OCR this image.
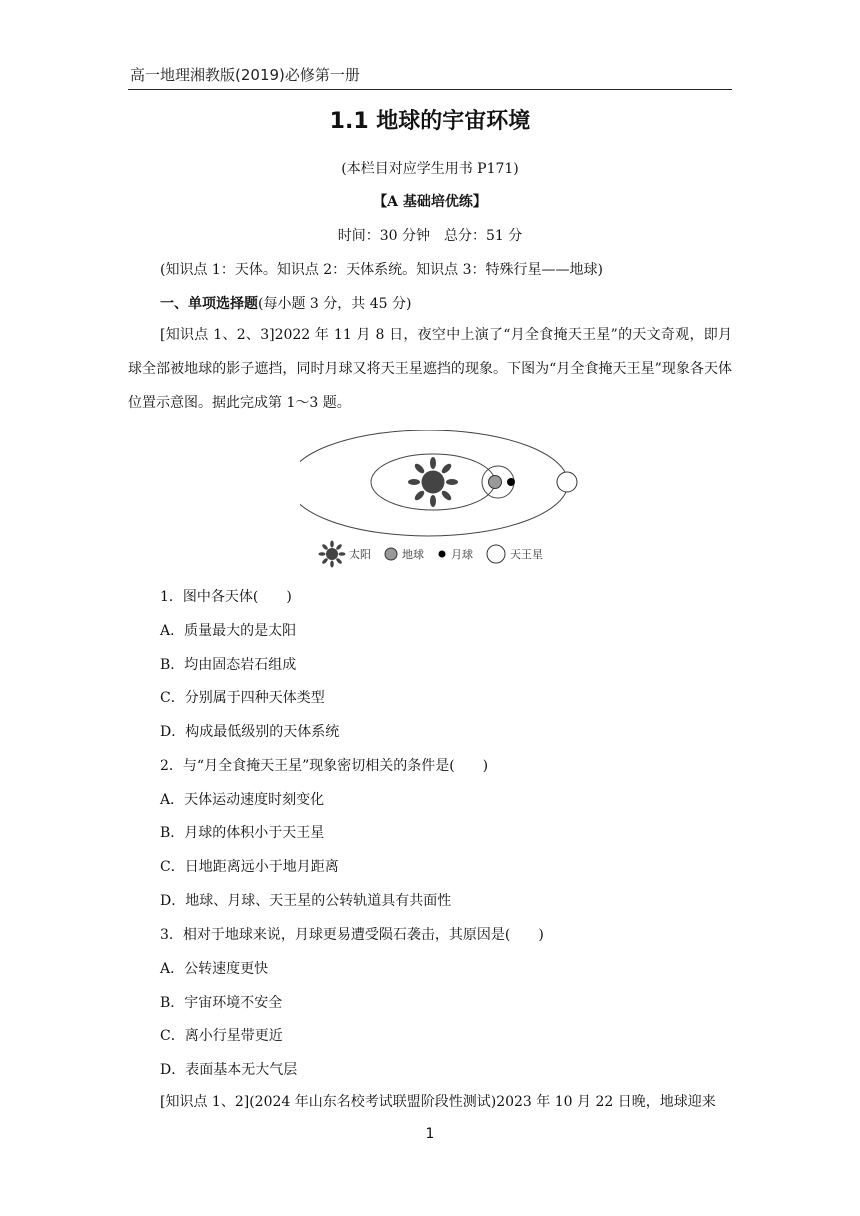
高一地理湘教版(2019)必修第一册
1.1 地球的宇宙环境
(本栏目对应学生用书 P171)
【A 基础培优练】
时间：30 分钟　总分：51 分
(知识点 1：天体。知识点 2：天体系统。知识点 3：特殊行星——地球)
一、单项选择题(每小题 3 分，共 45 分)
[知识点 1、2、3]2022 年 11 月 8 日，夜空中上演了“月全食掩天王星”的天文奇观，即月球全部被地球的影子遮挡，同时月球又将天王星遮挡的现象。下图为“月全食掩天王星”现象各天体位置示意图。据此完成第 1～3 题。
太阳	地球 月球	天王星
1．图中各天体(　　)
A．质量最大的是太阳
B．均由固态岩石组成
C．分别属于四种天体类型
D．构成最低级别的天体系统
2．与“月全食掩天王星”现象密切相关的条件是(　　)
A．天体运动速度时刻变化
B．月球的体积小于天王星
C．日地距离远小于地月距离
D．地球、月球、天王星的公转轨道具有共面性
3．相对于地球来说，月球更易遭受陨石袭击，其原因是(　　)
A．公转速度更快
B．宇宙环境不安全
C．离小行星带更近
D．表面基本无大气层
[知识点 1、2](2024 年山东名校考试联盟阶段性测试)2023 年 10 月 22 日晚，地球迎来
1
